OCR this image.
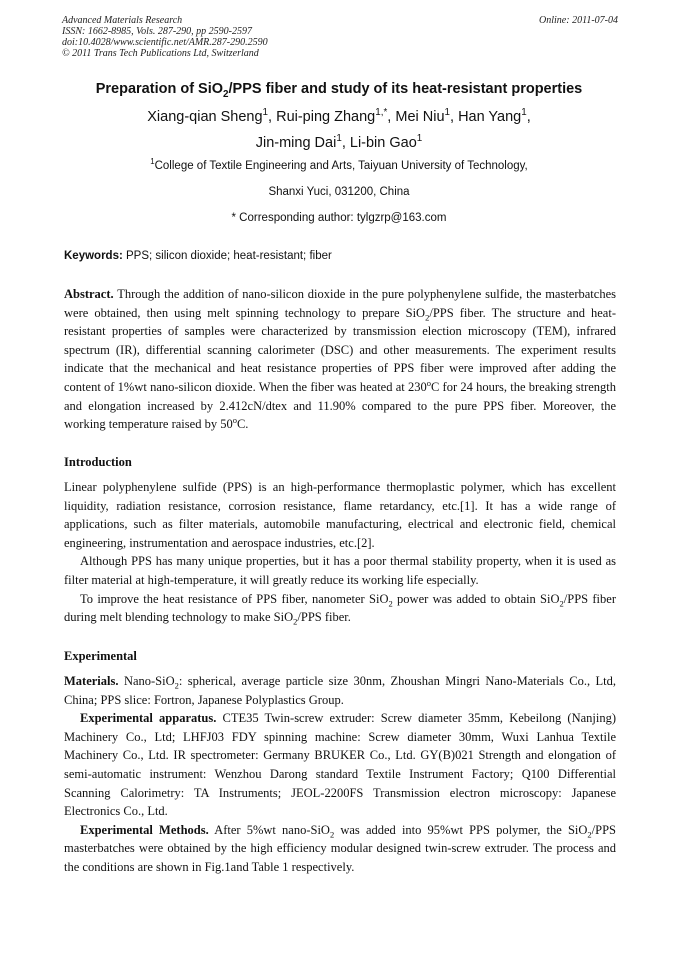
Advanced Materials Research
ISSN: 1662-8985, Vols. 287-290, pp 2590-2597
doi:10.4028/www.scientific.net/AMR.287-290.2590
© 2011 Trans Tech Publications Ltd, Switzerland
Online: 2011-07-04
Preparation of SiO$_2$/PPS fiber and study of its heat-resistant properties
Xiang-qian Sheng$^1$, Rui-ping Zhang$^{1,*}$, Mei Niu$^1$, Han Yang$^1$,
Jin-ming Dai$^1$, Li-bin Gao$^1$
$^1$College of Textile Engineering and Arts, Taiyuan University of Technology,
Shanxi Yuci, 031200, China
* Corresponding author: tylgzrp@163.com
Keywords: PPS; silicon dioxide; heat-resistant; fiber

Abstract. Through the addition of nano-silicon dioxide in the pure polyphenylene sulfide, the masterbatches were obtained, then using melt spinning technology to prepare SiO$_2$/PPS fiber. The structure and heat-resistant properties of samples were characterized by transmission election microscopy (TEM), infrared spectrum (IR), differential scanning calorimeter (DSC) and other measurements. The experiment results indicate that the mechanical and heat resistance properties of PPS fiber were improved after adding the content of 1%wt nano-silicon dioxide. When the fiber was heated at 230$^o$C for 24 hours, the breaking strength and elongation increased by 2.412cN/dtex and 11.90% compared to the pure PPS fiber. Moreover, the working temperature raised by 50$^o$C.

Introduction

Linear polyphenylene sulfide (PPS) is an high-performance thermoplastic polymer, which has excellent liquidity, radiation resistance, corrosion resistance, flame retardancy, etc.[1]. It has a wide range of applications, such as filter materials, automobile manufacturing, electrical and electronic field, chemical engineering, instrumentation and aerospace industries, etc.[2].

Although PPS has many unique properties, but it has a poor thermal stability property, when it is used as filter material at high-temperature, it will greatly reduce its working life especially.

To improve the heat resistance of PPS fiber, nanometer SiO$_2$ power was added to obtain SiO$_2$/PPS fiber during melt blending technology to make SiO$_2$/PPS fiber.

Experimental

Materials. Nano-SiO$_2$: spherical, average particle size 30nm, Zhoushan Mingri Nano-Materials Co., Ltd, China; PPS slice: Fortron, Japanese Polyplastics Group.

Experimental apparatus. CTE35 Twin-screw extruder: Screw diameter 35mm, Kebeilong (Nanjing) Machinery Co., Ltd; LHFJ03 FDY spinning machine: Screw diameter 30mm, Wuxi Lanhua Textile Machinery Co., Ltd. IR spectrometer: Germany BRUKER Co., Ltd. GY(B)021 Strength and elongation of semi-automatic instrument: Wenzhou Darong standard Textile Instrument Factory; Q100 Differential Scanning Calorimetry: TA Instruments; JEOL-2200FS Transmission electron microscopy: Japanese Electronics Co., Ltd.

Experimental Methods. After 5%wt nano-SiO$_2$ was added into 95%wt PPS polymer, the SiO$_2$/PPS masterbatches were obtained by the high efficiency modular designed twin-screw extruder. The process and the conditions are shown in Fig.1and Table 1 respectively.
